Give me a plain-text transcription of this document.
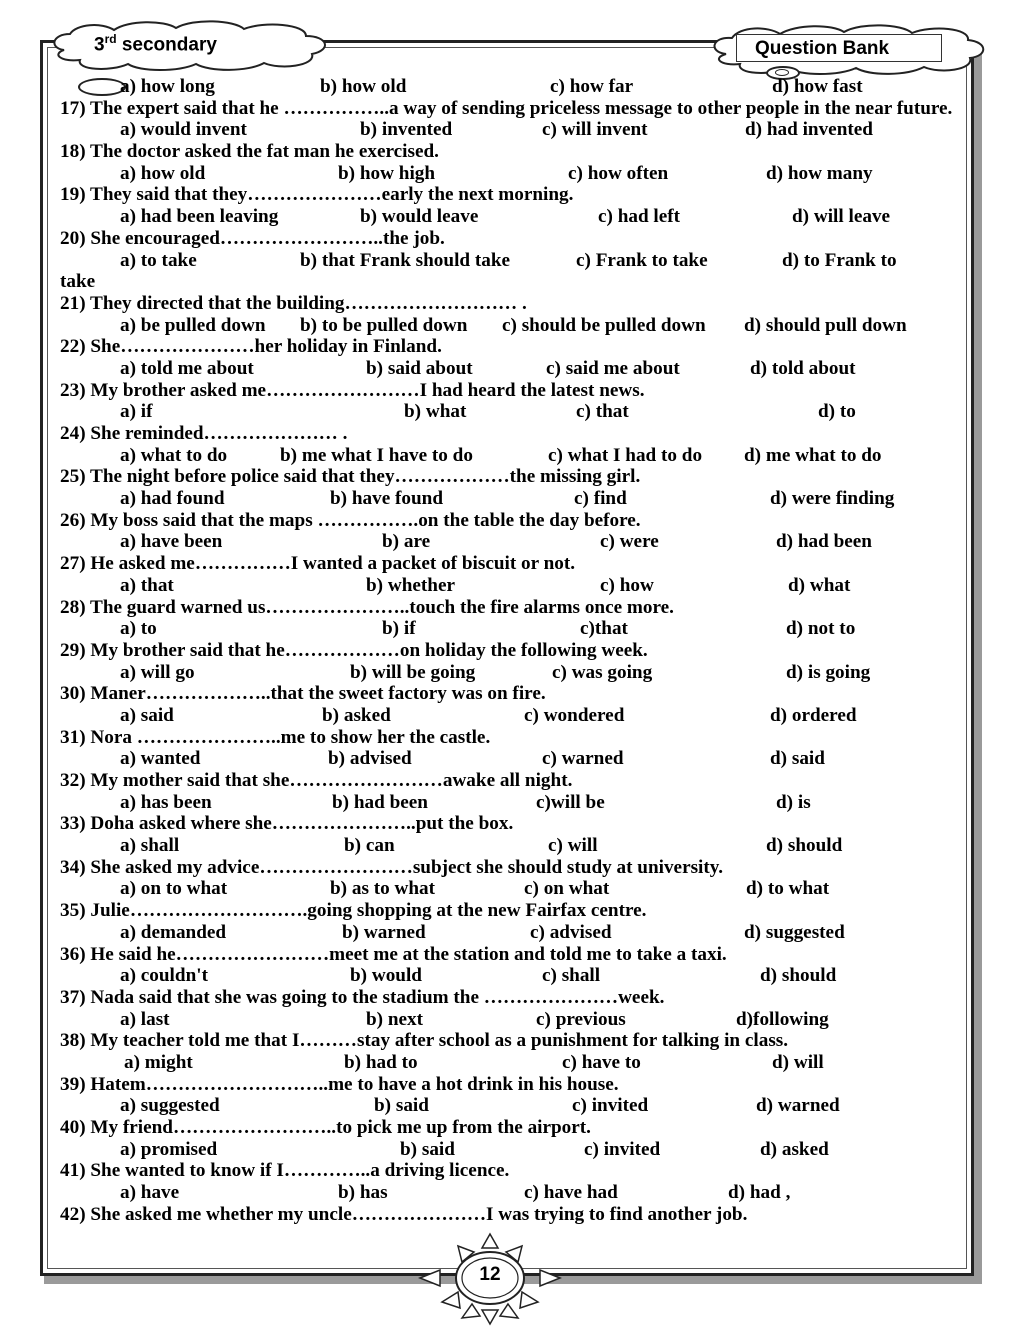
3rd secondary	Question Bank
a) how long	b) how old	c) how far	d) how fast
17) The expert said that he ……………..a way of sending priceless message to other people in the near future.
a) would invent	b) invented	c) will invent	d) had invented
18) The doctor asked the fat man he exercised.
a) how old	b) how high	c) how often	d) how many
19) They said that they…………………early the next morning.
a) had been leaving	b) would leave	c) had left	d) will leave
20) She encouraged……………………..the job.
a) to take	b) that Frank should take	c) Frank to take	d) to Frank to
take
21) They directed that the building……………………… .
a) be pulled down b) to be pulled down c) should be pulled down d) should pull down
22) She…………………her holiday in Finland.
a) told me about	b) said about	c) said me about	d) told about
23) My brother asked me……………………I had heard the latest news.
a) if	b) what	c) that	d) to
24) She reminded………………… .
a) what to do	b) me what I have to do	c) what I had to do d) me what to do
25) The night before police said that they………………the missing girl.
a) had found	b) have found	c) find	d) were finding
26) My boss said that the maps …………….on the table the day before.
a) have been	b) are	c) were	d) had been
27) He asked me……………I wanted a packet of biscuit or not.
a) that	b) whether	c) how	d) what
28) The guard warned us…………………..touch the fire alarms once more.
a) to	b) if	c)that	d) not to
29) My brother said that he………………on holiday the following week.
a) will go	b) will be going	c) was going	d) is going
30) Maner………………..that the sweet factory was on fire.
a) said	b) asked	c) wondered	d) ordered
31) Nora …………………..me to show her the castle.
a) wanted	b) advised	c) warned	d) said
32) My mother said that she……………………awake all night.
a) has been	b) had been	c)will be	d) is
33) Doha asked where she…………………..put the box.
a) shall	b) can	c) will	d) should
34) She asked my advice……………………subject she should study at university.
a) on to what	b) as to what	c) on what	d) to what
35) Julie……………………….going shopping at the new Fairfax centre.
a) demanded	b) warned	c) advised	d) suggested
36) He said he……………………meet me at the station and told me to take a taxi.
a) couldn't	b) would	c) shall	d) should
37) Nada said that she was going to the stadium the …………………week.
a) last	b) next	c) previous	d)following
38) My teacher told me that I………stay after school as a punishment for talking in class.
a) might	b) had to	c) have to	d) will
39) Hatem………………………..me to have a hot drink in his house.
a) suggested	b) said	c) invited	d) warned
40) My friend……………………..to pick me up from the airport.
a) promised	b) said	c) invited	d) asked
41) She wanted to know if I…………..a driving licence.
a) have	b) has	c) have had	d) had ,
42) She asked me whether my uncle…………………I was trying to find another job.
12
